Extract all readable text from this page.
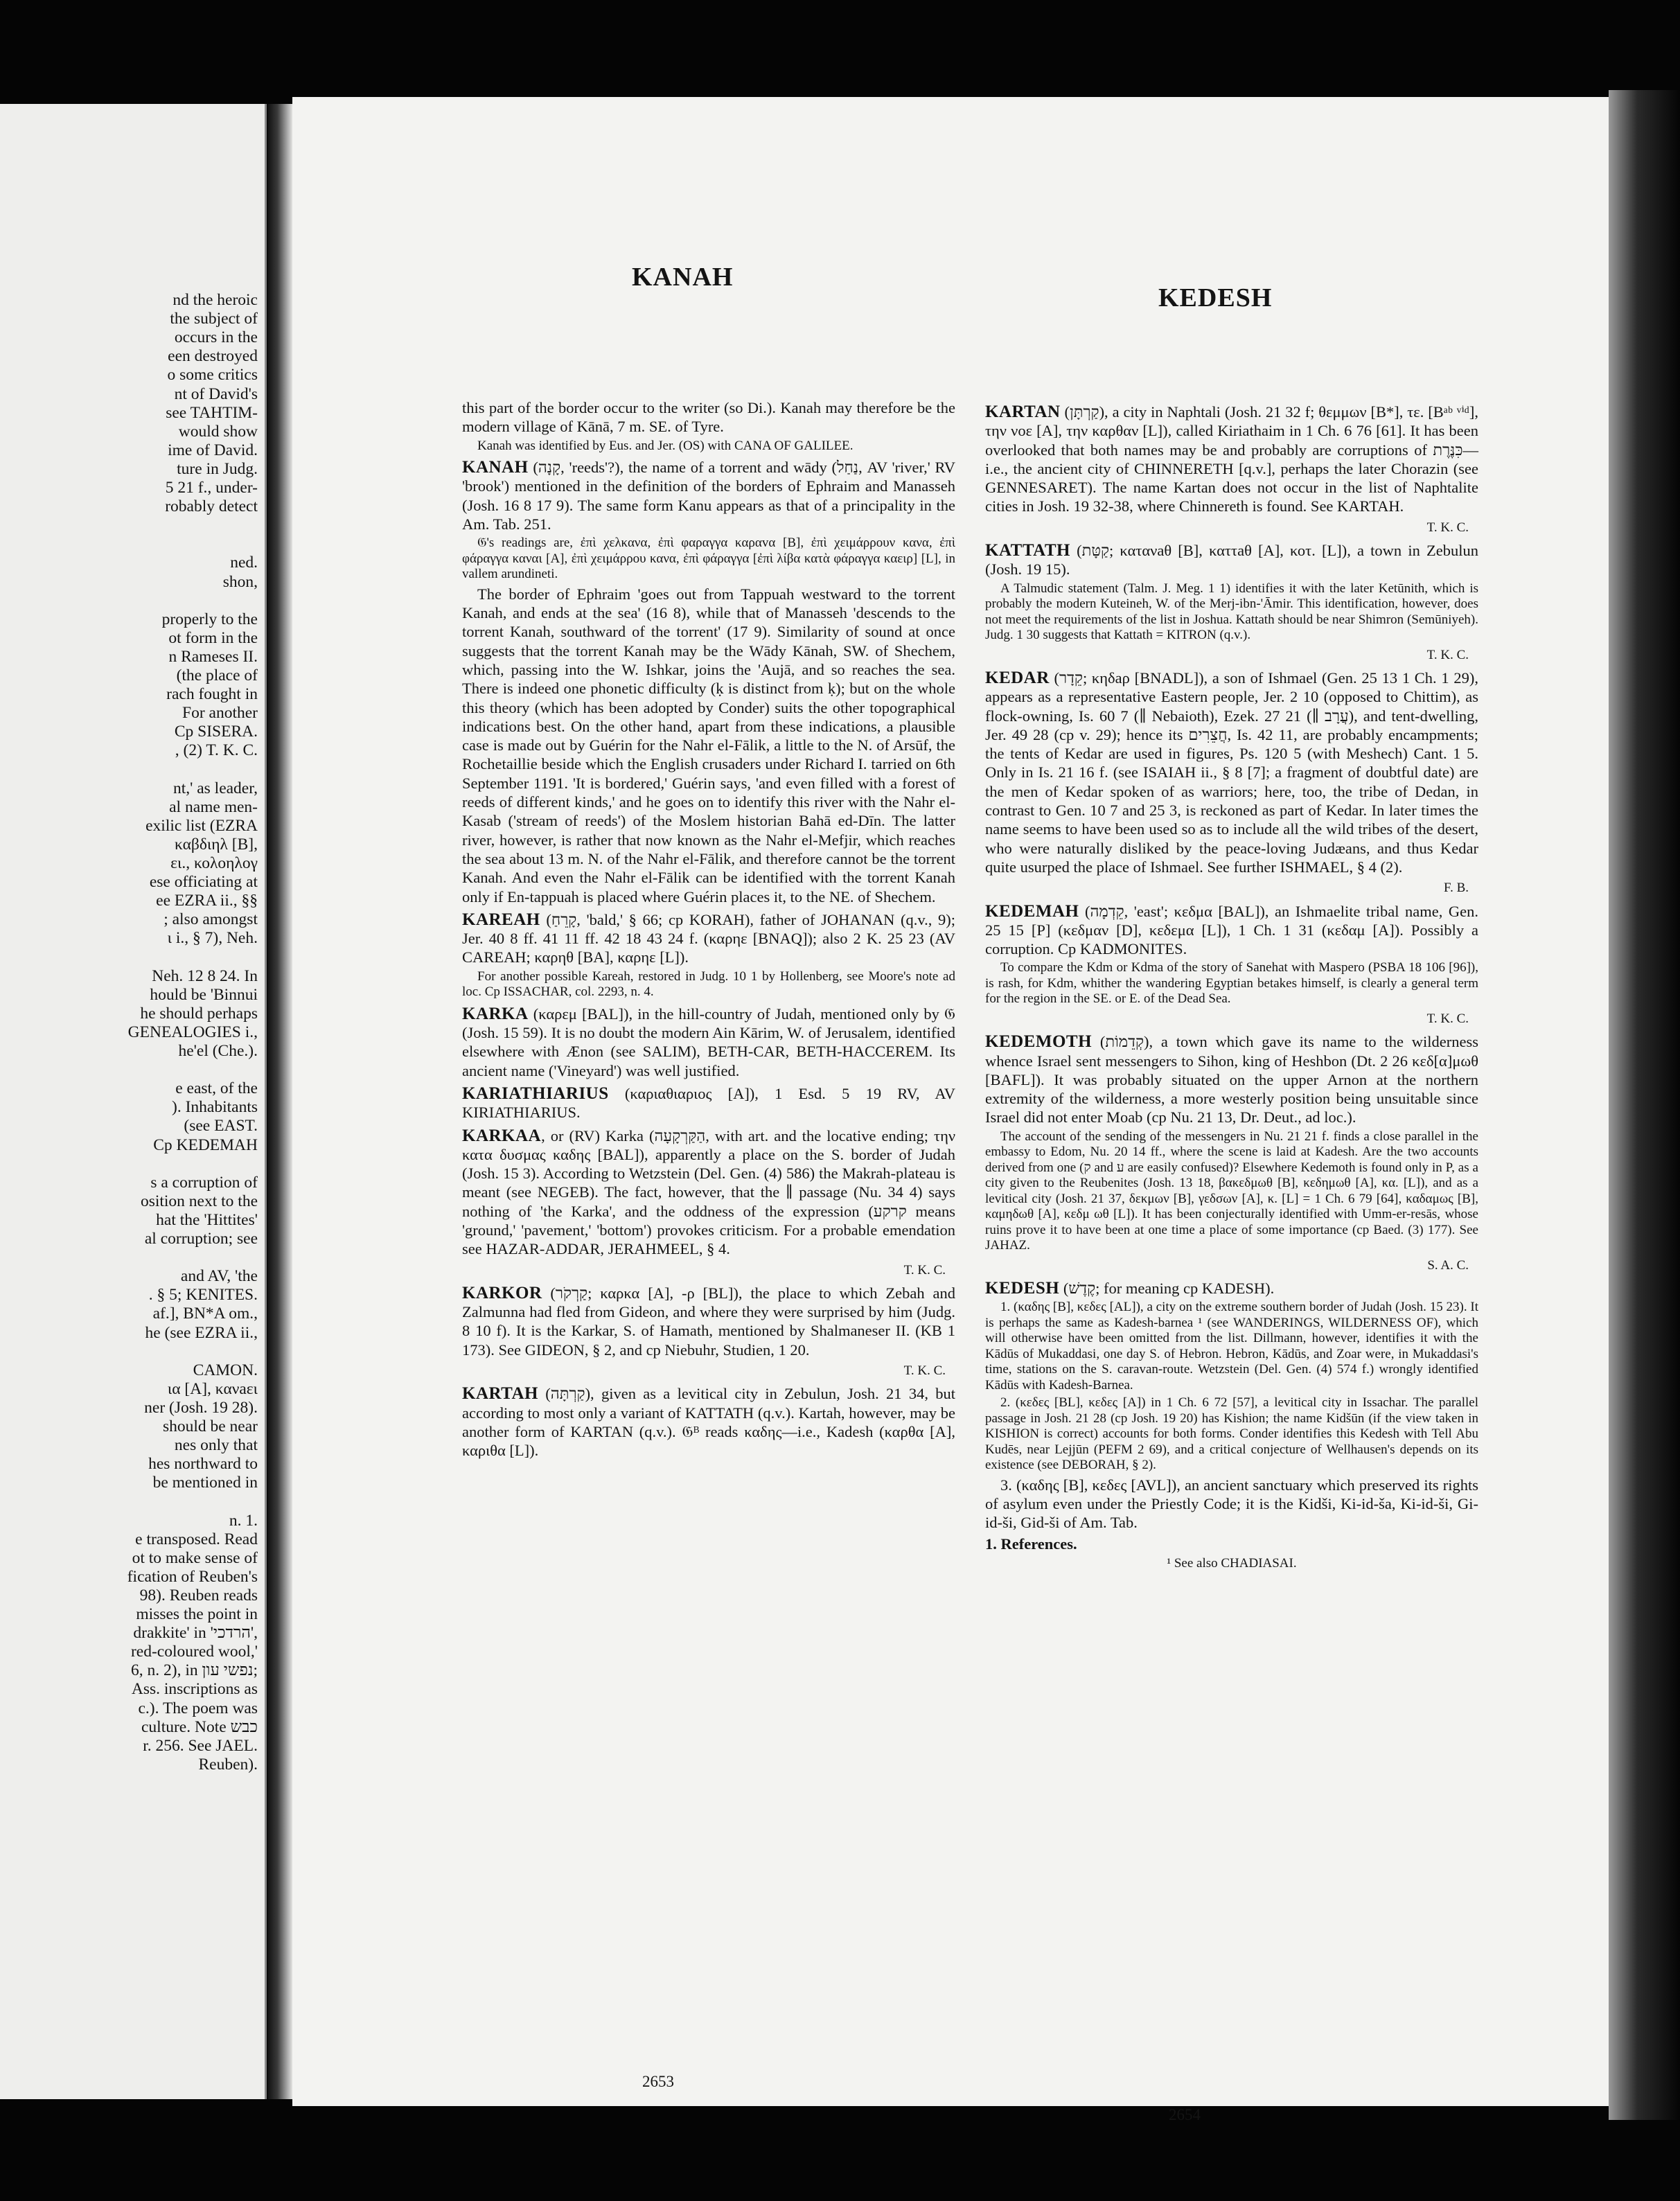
nd the heroic
the subject of
occurs in the
een destroyed
o some critics
nt of David's
see TAHTIM-
would show
ime of David.
ture in Judg.
5 21 f., under-
robably detect
ned.
shon,
properly to the
ot form in the
n Rameses II.
(the place of
rach fought in
For another
Cp SISERA.
, (2) T. K. C.
nt,' as leader,
al name men-
exilic list (EZRA
καβδιηλ [B],
ει., κολοηλογ
ese officiating at
ee EZRA ii., §§
; also amongst
ι i., § 7), Neh.
Neh. 12 8 24. In
hould be 'Binnui
he should perhaps
GENEALOGIES i.,
he'el (Che.).
e east, of the
). Inhabitants
(see EAST.
Cp KEDEMAH
s a corruption of
osition next to the
hat the 'Hittites'
al corruption; see
and AV, 'the
. § 5; KENITES.
af.], BN*A om.,
he (see EZRA ii.,
CAMON.
ια [A], κανaει
ner (Josh. 19 28).
should be near
nes only that
hes northward to
be mentioned in
n. 1.
e transposed. Read
ot to make sense of
fication of Reuben's
98). Reuben reads
misses the point in
drakkite' in 'הרדכי',
red-coloured wool,'
6, n. 2), in נפשי עון;
Ass. inscriptions as
c.). The poem was
culture. Note כבש
r. 256. See JAEL.
Reuben).
KANAH
KEDESH

this part of the border occur to the writer (so Di.). Kanah may therefore be the modern village of Kānā, 7 m. SE. of Tyre.

Kanah was identified by Eus. and Jer. (OS) with CANA OF GALILEE.

KANAH (קָנָה, 'reeds'?), the name of a torrent and wādy (נַחַל, AV 'river,' RV 'brook') mentioned in the definition of the borders of Ephraim and Manasseh (Josh. 16 8 17 9). The same form Kanu appears as that of a principality in the Am. Tab. 251.

𝔊's readings are, ἐπὶ χελκανα, ἐπὶ φαραγγα καραvα [B], ἐπὶ χειμάρρουν κανα, ἐπὶ φάραγγα καναι [A], ἐπὶ χειμάρρου κανα, ἐπὶ φάραγγα [ἐπὶ λίβα κατὰ φάραγγα καειρ] [L], in vallem arundineti.

The border of Ephraim 'goes out from Tappuah westward to the torrent Kanah, and ends at the sea' (16 8), while that of Manasseh 'descends to the torrent Kanah, southward of the torrent' (17 9). Similarity of sound at once suggests that the torrent Kanah may be the Wādy Kānah, SW. of Shechem, which, passing into the W. Ishkar, joins the 'Aujā, and so reaches the sea. There is indeed one phonetic difficulty (ḳ is distinct from ḳ); but on the whole this theory (which has been adopted by Conder) suits the other topographical indications best. On the other hand, apart from these indications, a plausible case is made out by Guérin for the Nahr el-Fālik, a little to the N. of Arsūf, the Rochetaillie beside which the English crusaders under Richard I. tarried on 6th September 1191. 'It is bordered,' Guérin says, 'and even filled with a forest of reeds of different kinds,' and he goes on to identify this river with the Nahr el-Kasab ('stream of reeds') of the Moslem historian Bahā ed-Dīn. The latter river, however, is rather that now known as the Nahr el-Mefjir, which reaches the sea about 13 m. N. of the Nahr el-Fālik, and therefore cannot be the torrent Kanah. And even the Nahr el-Fālik can be identified with the torrent Kanah only if En-tappuah is placed where Guérin places it, to the NE. of Shechem.

KAREAH (קָרֵחַ, 'bald,' § 66; cp KORAH), father of JOHANAN (q.v., 9); Jer. 40 8 ff. 41 11 ff. 42 18 43 24 f. (καρηε [BNAQ]); also 2 K. 25 23 (AV CAREAH; καρηθ [BA], καρηε [L]).

For another possible Kareah, restored in Judg. 10 1 by Hollenberg, see Moore's note ad loc. Cp ISSACHAR, col. 2293, n. 4.

KARKA (καρεμ [BAL]), in the hill-country of Judah, mentioned only by 𝔊 (Josh. 15 59). It is no doubt the modern Ain Kārim, W. of Jerusalem, identified elsewhere with Ænon (see SALIM), BETH-CAR, BETH-HACCEREM. Its ancient name ('Vineyard') was well justified.

KARIATHIARIUS (καριαθιαριος [A]), 1 Esd. 5 19 RV, AV KIRIATHIARIUS.

KARKAA, or (RV) Karka (הַקַּרְקָעָה, with art. and the locative ending; την κατα δυσμας καδης [BAL]), apparently a place on the S. border of Judah (Josh. 15 3). According to Wetzstein (Del. Gen. (4) 586) the Makrah-plateau is meant (see NEGEB). The fact, however, that the ∥ passage (Nu. 34 4) says nothing of 'the Karka', and the oddness of the expression (קרקע means 'ground,' 'pavement,' 'bottom') provokes criticism. For a probable emendation see HAZAR-ADDAR, JERAHMEEL, § 4.

T. K. C.

KARKOR (קַרְקֹר; καρκα [A], -ρ [BL]), the place to which Zebah and Zalmunna had fled from Gideon, and where they were surprised by him (Judg. 8 10 f). It is the Karkar, S. of Hamath, mentioned by Shalmaneser II. (KB 1 173). See GIDEON, § 2, and cp Niebuhr, Studien, 1 20.

T. K. C.

KARTAH (קַרְתָּה), given as a levitical city in Zebulun, Josh. 21 34, but according to most only a variant of KATTATH (q.v.). Kartah, however, may be another form of KARTAN (q.v.). 𝔊ᴮ reads καδης—i.e., Kadesh (καρθα [A], καριθα [L]).

KARTAN (קַרְתָּן), a city in Naphtali (Josh. 21 32 f; θεμμων [B*], τε. [Bᵃᵇ ᵛⁱᵈ], την νοε [A], την καρθαν [L]), called Kiriathaim in 1 Ch. 6 76 [61]. It has been overlooked that both names may be and probably are corruptions of כִּנֶּרֶת—i.e., the ancient city of CHINNERETH [q.v.], perhaps the later Chorazin (see GENNESARET). The name Kartan does not occur in the list of Naphtalite cities in Josh. 19 32-38, where Chinnereth is found. See KARTAH.

T. K. C.

KATTATH (קַטָּת; κατανaθ [B], καττaθ [A], κοτ. [L]), a town in Zebulun (Josh. 19 15).

A Talmudic statement (Talm. J. Meg. 1 1) identifies it with the later Ketūnith, which is probably the modern Kuteineh, W. of the Merj-ibn-'Āmir. This identification, however, does not meet the requirements of the list in Joshua. Kattath should be near Shimron (Semūniyeh). Judg. 1 30 suggests that Kattath = KITRON (q.v.).

T. K. C.

KEDAR (קֵדָר; κηδaρ [BNADL]), a son of Ishmael (Gen. 25 13 1 Ch. 1 29), appears as a representative Eastern people, Jer. 2 10 (opposed to Chittim), as flock-owning, Is. 60 7 (∥ Nebaioth), Ezek. 27 21 (∥ עֲרָב), and tent-dwelling, Jer. 49 28 (cp v. 29); hence its חֲצֵרִים, Is. 42 11, are probably encampments; the tents of Kedar are used in figures, Ps. 120 5 (with Meshech) Cant. 1 5. Only in Is. 21 16 f. (see ISAIAH ii., § 8 [7]; a fragment of doubtful date) are the men of Kedar spoken of as warriors; here, too, the tribe of Dedan, in contrast to Gen. 10 7 and 25 3, is reckoned as part of Kedar. In later times the name seems to have been used so as to include all the wild tribes of the desert, who were naturally disliked by the peace-loving Judæans, and thus Kedar quite usurped the place of Ishmael. See further ISHMAEL, § 4 (2).

F. B.

KEDEMAH (קֵדְמָה, 'east'; κεδμα [BAL]), an Ishmaelite tribal name, Gen. 25 15 [P] (κεδμαν [D], κεδεμα [L]), 1 Ch. 1 31 (κεδαμ [A]). Possibly a corruption. Cp KADMONITES.

To compare the Kdm or Kdma of the story of Sanehat with Maspero (PSBA 18 106 [96]), is rash, for Kdm, whither the wandering Egyptian betakes himself, is clearly a general term for the region in the SE. or E. of the Dead Sea.

T. K. C.

KEDEMOTH (קְדֵמוֹת), a town which gave its name to the wilderness whence Israel sent messengers to Sihon, king of Heshbon (Dt. 2 26 κεδ[α]μωθ [BAFL]). It was probably situated on the upper Arnon at the northern extremity of the wilderness, a more westerly position being unsuitable since Israel did not enter Moab (cp Nu. 21 13, Dr. Deut., ad loc.).

The account of the sending of the messengers in Nu. 21 21 f. finds a close parallel in the embassy to Edom, Nu. 20 14 ff., where the scene is laid at Kadesh. Are the two accounts derived from one (ק and ע are easily confused)? Elsewhere Kedemoth is found only in P, as a city given to the Reubenites (Josh. 13 18, βακεδμωθ [B], κεδημωθ [A], κα. [L]), and as a levitical city (Josh. 21 37, δεκμων [B], γεδσων [A], κ. [L] = 1 Ch. 6 79 [64], καδαμως [B], καμηδωθ [A], κεδμ ωθ [L]). It has been conjecturally identified with Umm-er-resās, whose ruins prove it to have been at one time a place of some importance (cp Baed. (3) 177). See JAHAZ.

S. A. C.

KEDESH (קֶדֶשׁ; for meaning cp KADESH).

1. (καδης [B], κεδες [AL]), a city on the extreme southern border of Judah (Josh. 15 23). It is perhaps the same as Kadesh-barnea ¹ (see WANDERINGS, WILDERNESS OF), which will otherwise have been omitted from the list. Dillmann, however, identifies it with the Kādūs of Mukaddasi, one day S. of Hebron. Hebron, Kādūs, and Zoar were, in Mukaddasi's time, stations on the S. caravan-route. Wetzstein (Del. Gen. (4) 574 f.) wrongly identified Kādūs with Kadesh-Barnea.

2. (κεδες [BL], κεδες [A]) in 1 Ch. 6 72 [57], a levitical city in Issachar. The parallel passage in Josh. 21 28 (cp Josh. 19 20) has Kishion; the name Kidšūn (if the view taken in KISHION is correct) accounts for both forms. Conder identifies this Kedesh with Tell Abu Kudēs, near Lejjūn (PEFM 2 69), and a critical conjecture of Wellhausen's depends on its existence (see DEBORAH, § 2).

3. (καδης [B], κεδες [AVL]), an ancient sanctuary which preserved its rights of asylum even under the Priestly Code; it is the Kidši, Ki-id-ša, Ki-id-ši, Gi-id-ši, Gid-ši of Am. Tab.

1. References.

¹ See also CHADIASAI.

2653
2654
